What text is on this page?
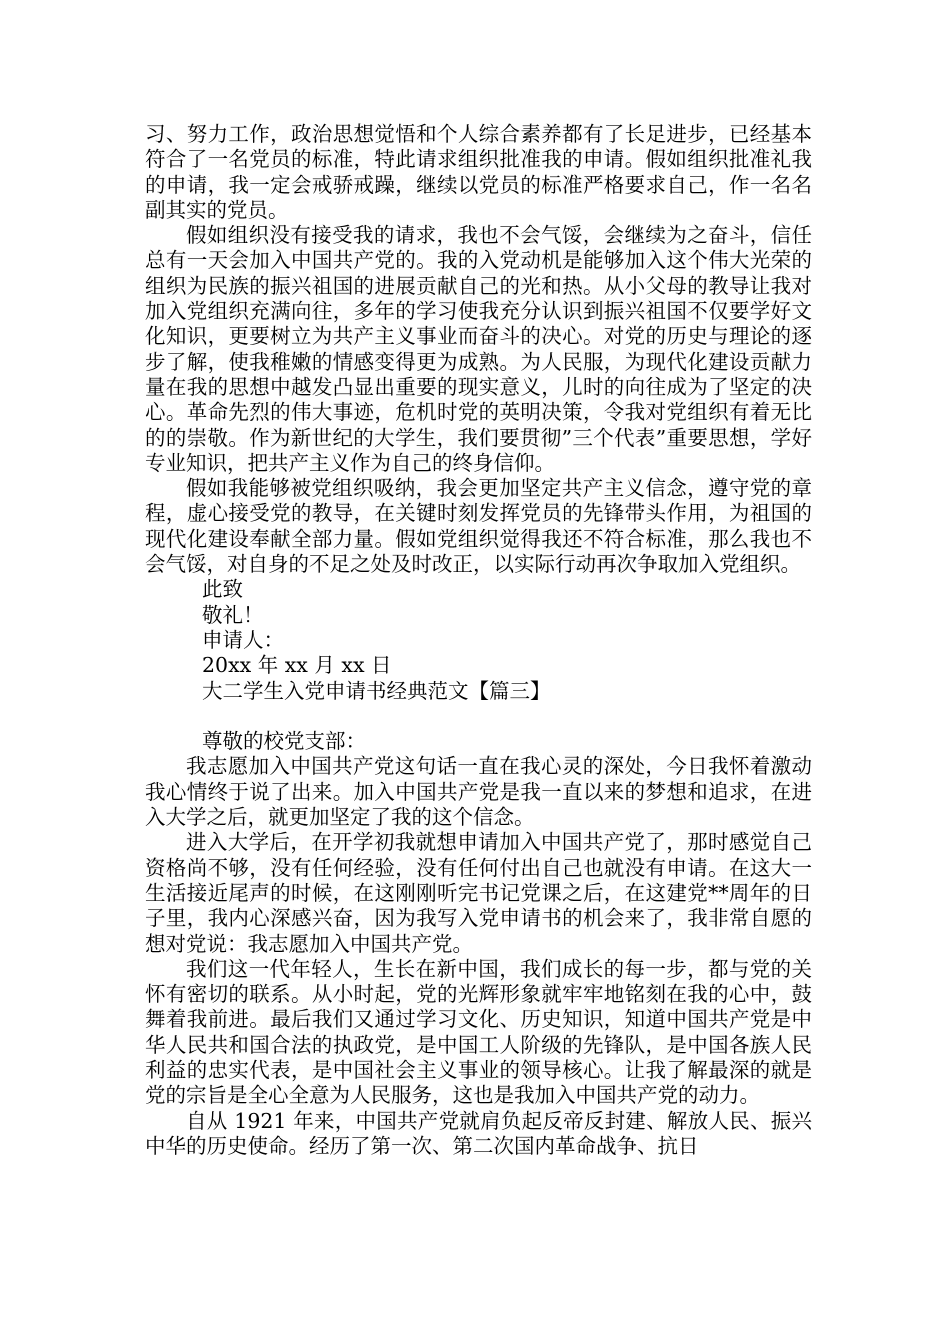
习、努力工作，政治思想觉悟和个人综合素养都有了长足进步，已经基本符合了一名党员的标准，特此请求组织批准我的申请。假如组织批准礼我的申请，我一定会戒骄戒躁，继续以党员的标准严格要求自己，作一名名副其实的党员。

假如组织没有接受我的请求，我也不会气馁，会继续为之奋斗，信任总有一天会加入中国共产党的。我的入党动机是能够加入这个伟大光荣的组织为民族的振兴祖国的进展贡献自己的光和热。从小父母的教导让我对加入党组织充满向往，多年的学习使我充分认识到振兴祖国不仅要学好文化知识，更要树立为共产主义事业而奋斗的决心。对党的历史与理论的逐步了解，使我稚嫩的情感变得更为成熟。为人民服，为现代化建设贡献力量在我的思想中越发凸显出重要的现实意义，儿时的向往成为了坚定的决心。革命先烈的伟大事迹，危机时党的英明决策，令我对党组织有着无比的的崇敬。作为新世纪的大学生，我们要贯彻”三个代表”重要思想，学好专业知识，把共产主义作为自己的终身信仰。

假如我能够被党组织吸纳，我会更加坚定共产主义信念，遵守党的章程，虚心接受党的教导，在关键时刻发挥党员的先锋带头作用，为祖国的现代化建设奉献全部力量。假如党组织觉得我还不符合标准，那么我也不会气馁，对自身的不足之处及时改正，以实际行动再次争取加入党组织。

此致

敬礼！

申请人：

20xx 年 xx 月 xx 日

大二学生入党申请书经典范文【篇三】

尊敬的校党支部：

我志愿加入中国共产党这句话一直在我心灵的深处，今日我怀着激动我心情终于说了出来。加入中国共产党是我一直以来的梦想和追求，在进入大学之后，就更加坚定了我的这个信念。

进入大学后，在开学初我就想申请加入中国共产党了，那时感觉自己资格尚不够，没有任何经验，没有任何付出自己也就没有申请。在这大一生活接近尾声的时候，在这刚刚听完书记党课之后，在这建党**周年的日子里，我内心深感兴奋，因为我写入党申请书的机会来了，我非常自愿的想对党说：我志愿加入中国共产党。

我们这一代年轻人，生长在新中国，我们成长的每一步，都与党的关怀有密切的联系。从小时起，党的光辉形象就牢牢地铭刻在我的心中，鼓舞着我前进。最后我们又通过学习文化、历史知识，知道中国共产党是中华人民共和国合法的执政党，是中国工人阶级的先锋队，是中国各族人民利益的忠实代表，是中国社会主义事业的领导核心。让我了解最深的就是党的宗旨是全心全意为人民服务，这也是我加入中国共产党的动力。

自从 1921 年来，中国共产党就肩负起反帝反封建、解放人民、振兴中华的历史使命。经历了第一次、第二次国内革命战争、抗日
